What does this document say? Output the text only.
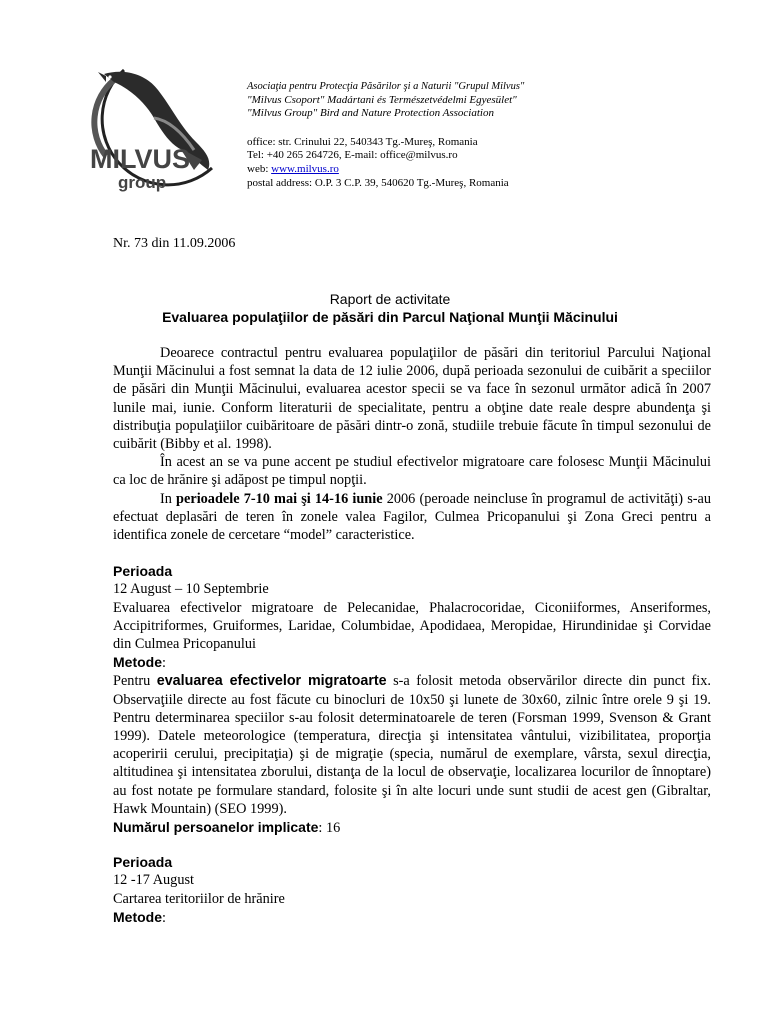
MILVUS
group
Asociaţia pentru Protecţia Păsărilor şi a Naturii "Grupul Milvus"
"Milvus Csoport" Madártani és Természetvédelmi Egyesület"
"Milvus Group" Bird and Nature Protection Association
office: str. Crinului 22, 540343 Tg.-Mureş, Romania
Tel: +40 265 264726, E-mail: office@milvus.ro
web: www.milvus.ro
postal address: O.P. 3 C.P. 39, 540620 Tg.-Mureş, Romania
Nr. 73 din 11.09.2006
Raport de activitate
Evaluarea populaţiilor de păsări din Parcul Naţional Munţii Măcinului

Deoarece contractul pentru evaluarea populaţiilor de păsări din teritoriul Parcului Naţional Munţii Măcinului a fost semnat la data de 12 iulie 2006, după perioada sezonului de cuibărit a speciilor de păsări din Munţii Măcinului, evaluarea acestor specii se va face în sezonul următor adică în 2007 lunile mai, iunie. Conform literaturii de specialitate, pentru a obţine date reale despre abundenţa şi distribuţia populaţiilor cuibăritoare de păsări dintr-o zonă, studiile trebuie făcute în timpul sezonului de cuibărit (Bibby et al. 1998).

În acest an se va pune accent pe studiul efectivelor migratoare care folosesc Munţii Măcinului ca loc de hrănire şi adăpost pe timpul nopţii.

In perioadele 7-10 mai şi 14-16 iunie 2006 (peroade neincluse în programul de activităţi) s-au efectuat deplasări de teren în zonele valea Fagilor, Culmea Pricopanului şi Zona Greci pentru a identifica zonele de cercetare “model” caracteristice.

Perioada
12 August – 10 Septembrie

Evaluarea efectivelor migratoare de Pelecanidae, Phalacrocoridae, Ciconiiformes, Anseriformes, Accipitriformes, Gruiformes, Laridae, Columbidae, Apodidaea, Meropidae, Hirundinidae şi Corvidae din Culmea Pricopanului

Metode:

Pentru evaluarea efectivelor migratoarte s-a folosit metoda observărilor directe din punct fix. Observaţiile directe au fost făcute cu binocluri de 10x50 şi lunete de 30x60, zilnic între orele 9 şi 19. Pentru determinarea speciilor s-au folosit determinatoarele de teren (Forsman 1999, Svenson & Grant 1999). Datele meteorologice (temperatura, direcţia şi intensitatea vântului, vizibilitatea, proporţia acoperirii cerului, precipitaţia) şi de migraţie (specia, numărul de exemplare, vârsta, sexul direcţia, altitudinea şi intensitatea zborului, distanţa de la locul de observaţie, localizarea locurilor de înnoptare) au fost notate pe formulare standard, folosite şi în alte locuri unde sunt studii de acest gen (Gibraltar, Hawk Mountain) (SEO 1999).

Numărul persoanelor implicate: 16
Perioada
12 -17 August
Cartarea teritoriilor de hrănire
Metode:
